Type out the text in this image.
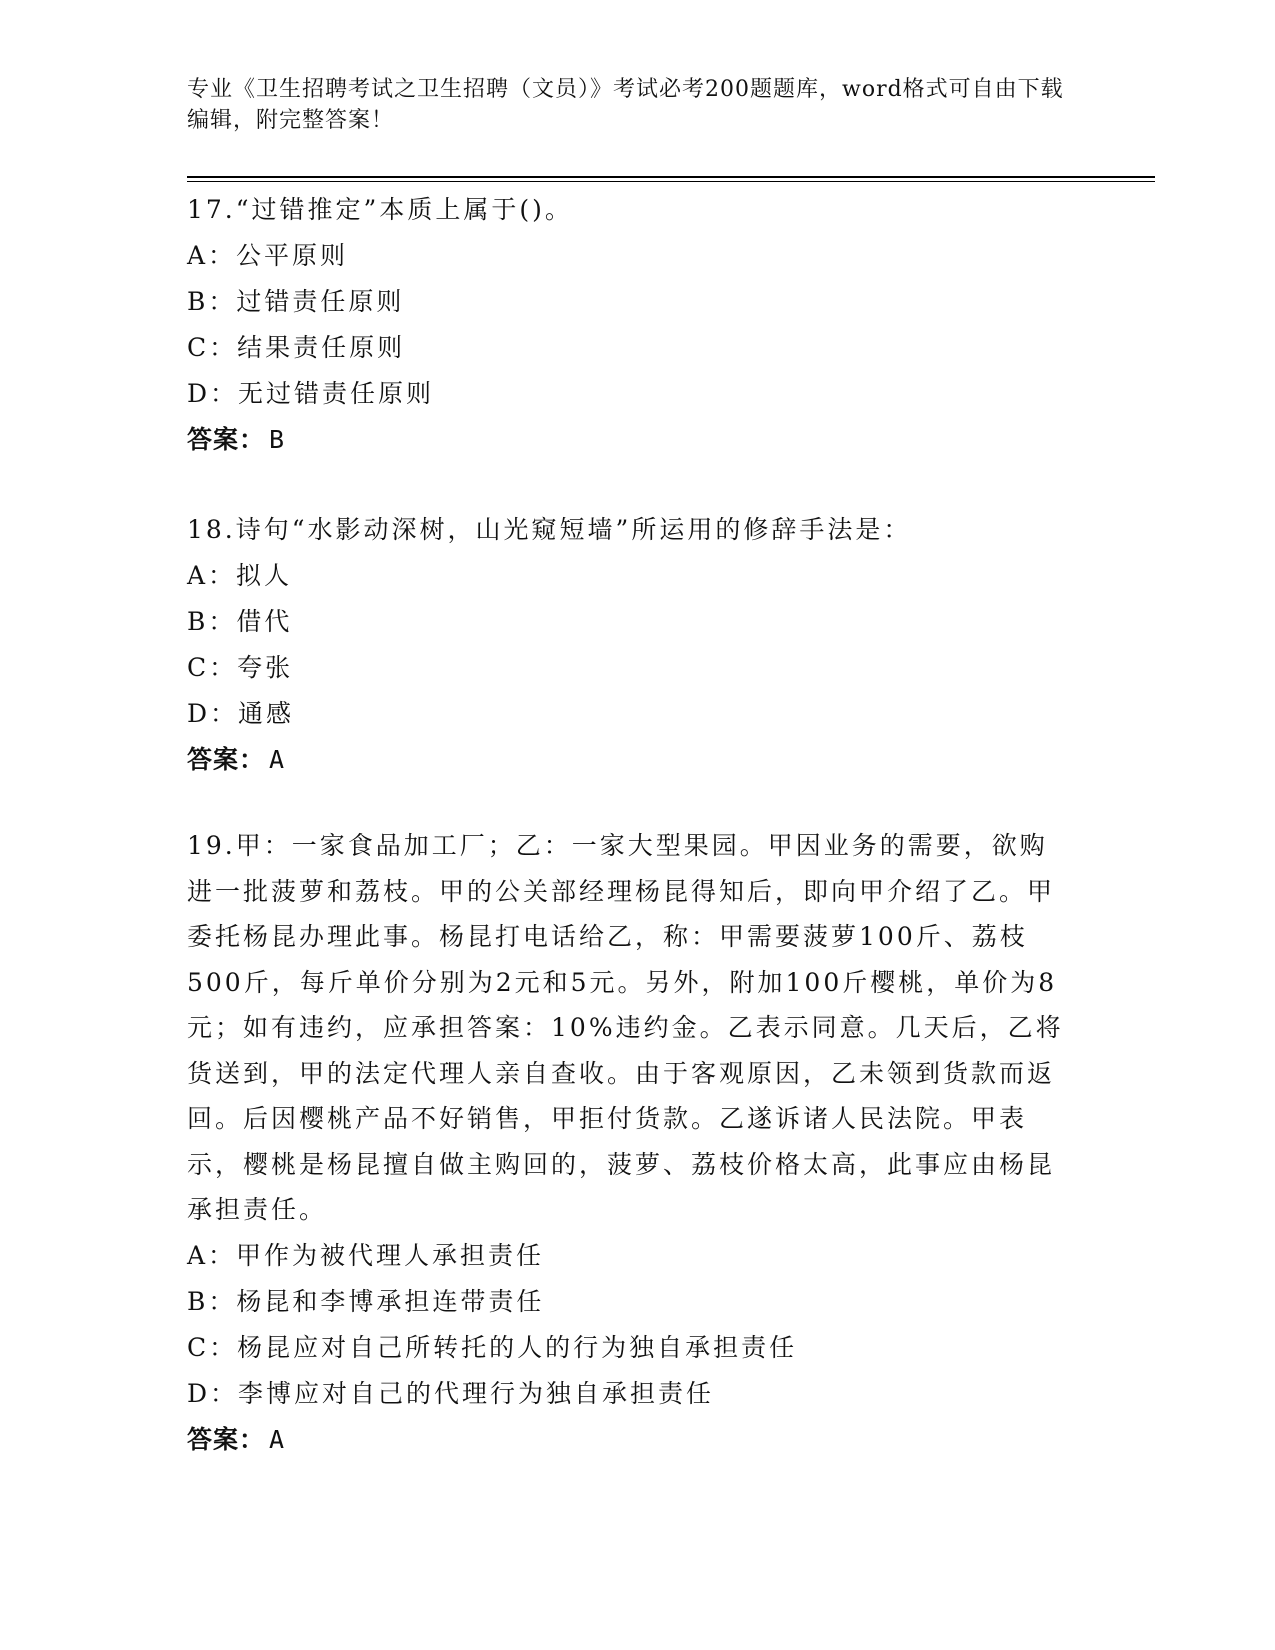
专业《卫生招聘考试之卫生招聘（文员）》考试必考200题题库，word格式可自由下载编辑，附完整答案！
17.“过错推定”本质上属于()。
A：公平原则
B：过错责任原则
C：结果责任原则
D：无过错责任原则
答案： B
18.诗句“水影动深树，山光窥短墙”所运用的修辞手法是：
A：拟人
B：借代
C：夸张
D：通感
答案： A
19.甲：一家食品加工厂；乙：一家大型果园。甲因业务的需要，欲购进一批菠萝和荔枝。甲的公关部经理杨昆得知后，即向甲介绍了乙。甲委托杨昆办理此事。杨昆打电话给乙，称：甲需要菠萝100斤、荔枝500斤，每斤单价分别为2元和5元。另外，附加100斤樱桃，单价为8元；如有违约，应承担答案：10%违约金。乙表示同意。几天后，乙将货送到，甲的法定代理人亲自查收。由于客观原因，乙未领到货款而返回。后因樱桃产品不好销售，甲拒付货款。乙遂诉诸人民法院。甲表示，樱桃是杨昆擅自做主购回的，菠萝、荔枝价格太高，此事应由杨昆承担责任。
A：甲作为被代理人承担责任
B：杨昆和李博承担连带责任
C：杨昆应对自己所转托的人的行为独自承担责任
D：李博应对自己的代理行为独自承担责任
答案： A
